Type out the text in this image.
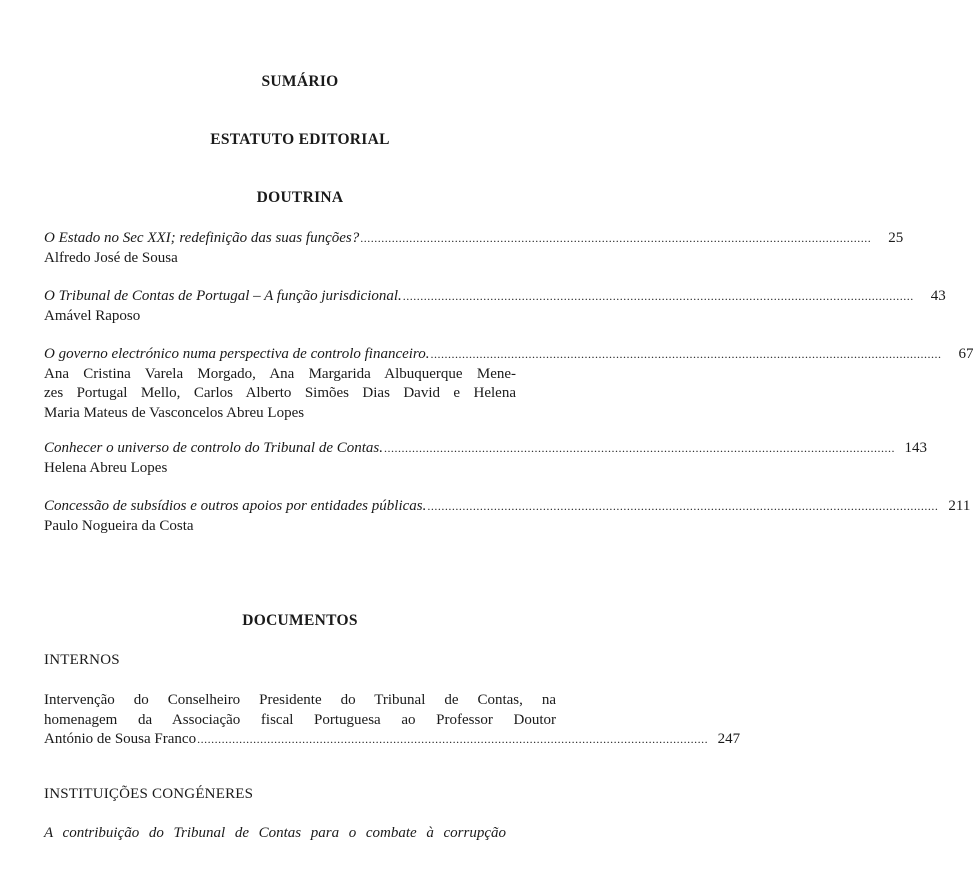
SUMÁRIO
ESTATUTO EDITORIAL
DOUTRINA
O Estado no Sec XXI; redefinição das suas funções? ..................................................................................................................................................	25
Alfredo José de Sousa
O Tribunal de Contas de Portugal – A função jurisdicional. ..................................................................................................................................................	43
Amável Raposo
O governo electrónico numa perspectiva de controlo financeiro. ..................................................................................................................................................	67
Ana Cristina Varela Morgado, Ana Margarida Albuquerque Mene-
zes Portugal Mello, Carlos Alberto Simões Dias David e Helena
Maria Mateus de Vasconcelos Abreu Lopes
Conhecer o universo de controlo do Tribunal de Contas. .................................................................................................................................................. 143
Helena Abreu Lopes
Concessão de subsídios e outros apoios por entidades públicas. .................................................................................................................................................. 211
Paulo Nogueira da Costa
DOCUMENTOS
INTERNOS
Intervenção do Conselheiro Presidente do Tribunal de Contas, na
homenagem da Associação fiscal Portuguesa ao Professor Doutor
António de Sousa Franco .................................................................................................................................................. 247
INSTITUIÇÕES CONGÉNERES
A contribuição do Tribunal de Contas para o combate à corrupção
